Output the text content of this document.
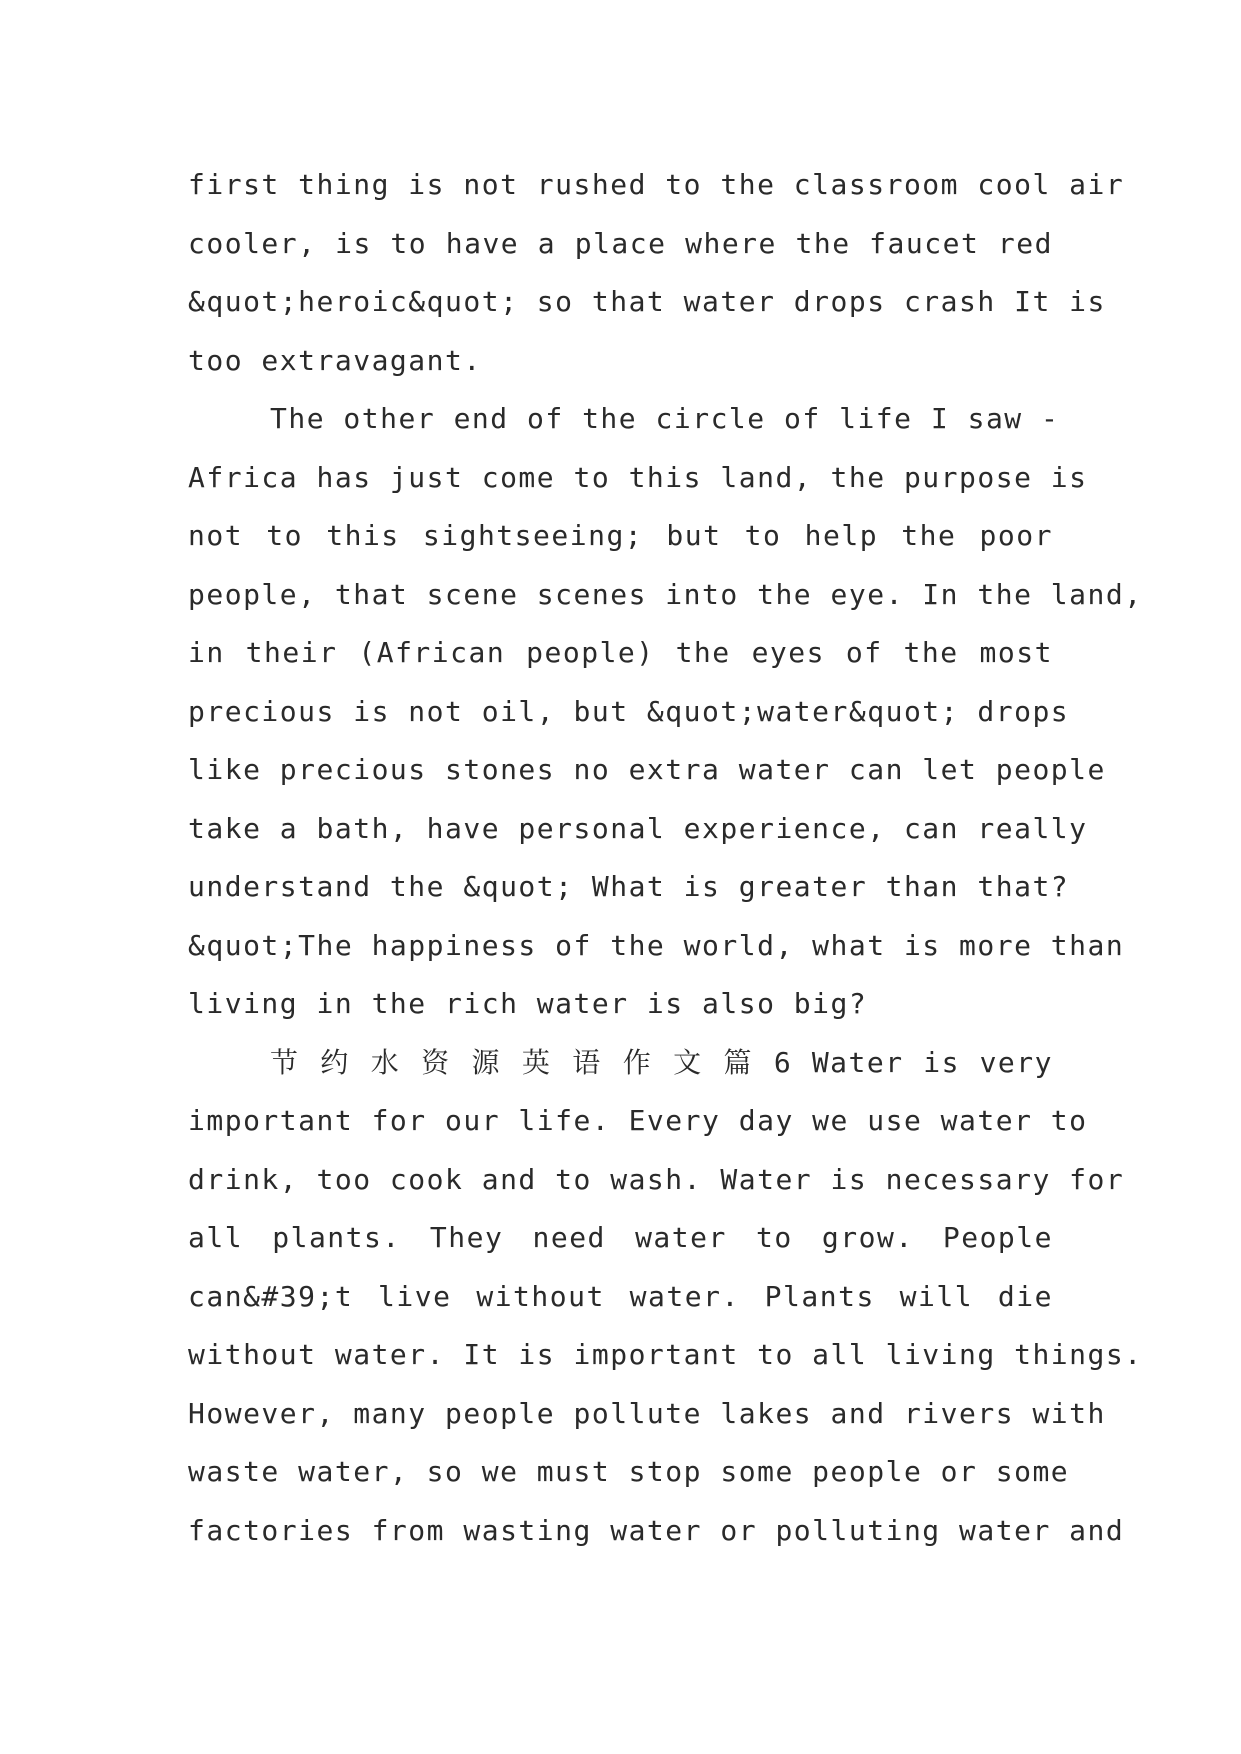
first thing is not rushed to the classroom cool air
cooler, is to have a place where the faucet red
&quot;heroic&quot; so that water drops crash It is
too extravagant.
The other end of the circle of life I saw -
Africa has just come to this land, the purpose is
not to this sightseeing; but to help the poor
people, that scene scenes into the eye. In the land,
in their (African people) the eyes of the most
precious is not oil, but &quot;water&quot; drops
like precious stones no extra water can let people
take a bath, have personal experience, can really
understand the &quot; What is greater than that?
&quot;The happiness of the world, what is more than
living in the rich water is also big?
节 约 水 资 源 英 语 作 文 篇 6 Water is very
important for our life. Every day we use water to
drink, too cook and to wash. Water is necessary for
all plants. They need water to grow. People
can&#39;t live without water. Plants will die
without water. It is important to all living things.
However, many people pollute lakes and rivers with
waste water, so we must stop some people or some
factories from wasting water or polluting water and
